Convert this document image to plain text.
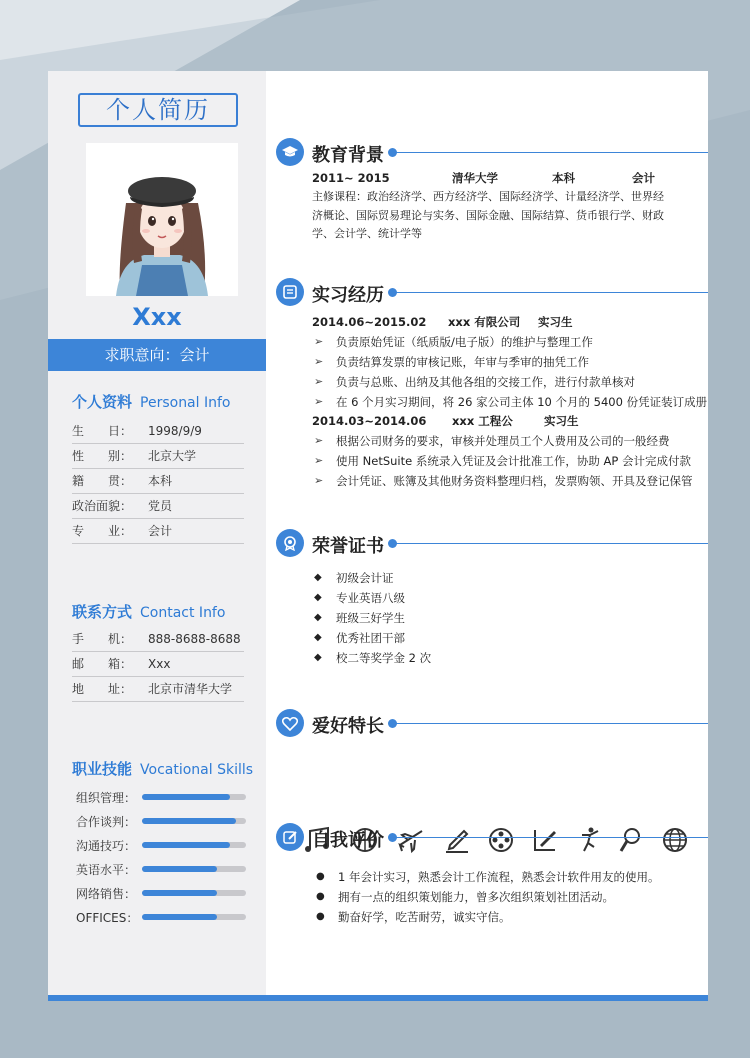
个人简历
Xxx
求职意向：会计
个人资料 Personal Info
生　　日：	1998/9/9
性　　别：	北京大学
籍　　贯：	本科
政治面貌：	党员
专　　业：	会计
联系方式 Contact Info
手　　机：	888-8688-8688
邮　　箱：	Xxx
地　　址：	北京市清华大学
职业技能 Vocational Skills
组织管理：
合作谈判：
沟通技巧：
英语水平：
网络销售：
OFFICES：
教育背景
2011~ 2015	清华大学	本科	会计
主修课程：政治经济学、西方经济学、国际经济学、计量经济学、世界经
济概论、国际贸易理论与实务、国际金融、国际结算、货币银行学、财政
学、会计学、统计学等
实习经历
2014.06~2015.02 xxx 有限公司 实习生
➢ 负责原始凭证（纸质版/电子版）的维护与整理工作
➢ 负责结算发票的审核记账，年审与季审的抽凭工作
➢ 负责与总账、出纳及其他各组的交接工作，进行付款单核对
➢ 在 6 个月实习期间，将 26 家公司主体 10 个月的 5400 份凭证装订成册
2014.03~2014.06 xxx 工程公	实习生
➢ 根据公司财务的要求，审核并处理员工个人费用及公司的一般经费
➢ 使用 NetSuite 系统录入凭证及会计批准工作，协助 AP 会计完成付款
➢ 会计凭证、账簿及其他财务资料整理归档，发票购领、开具及登记保管
荣誉证书
◆ 初级会计证
◆ 专业英语八级
◆ 班级三好学生
◆ 优秀社团干部
◆ 校二等奖学金 2 次
爱好特长
自我评价
● 1 年会计实习，熟悉会计工作流程，熟悉会计软件用友的使用。
● 拥有一点的组织策划能力，曾多次组织策划社团活动。
● 勤奋好学，吃苦耐劳，诚实守信。
